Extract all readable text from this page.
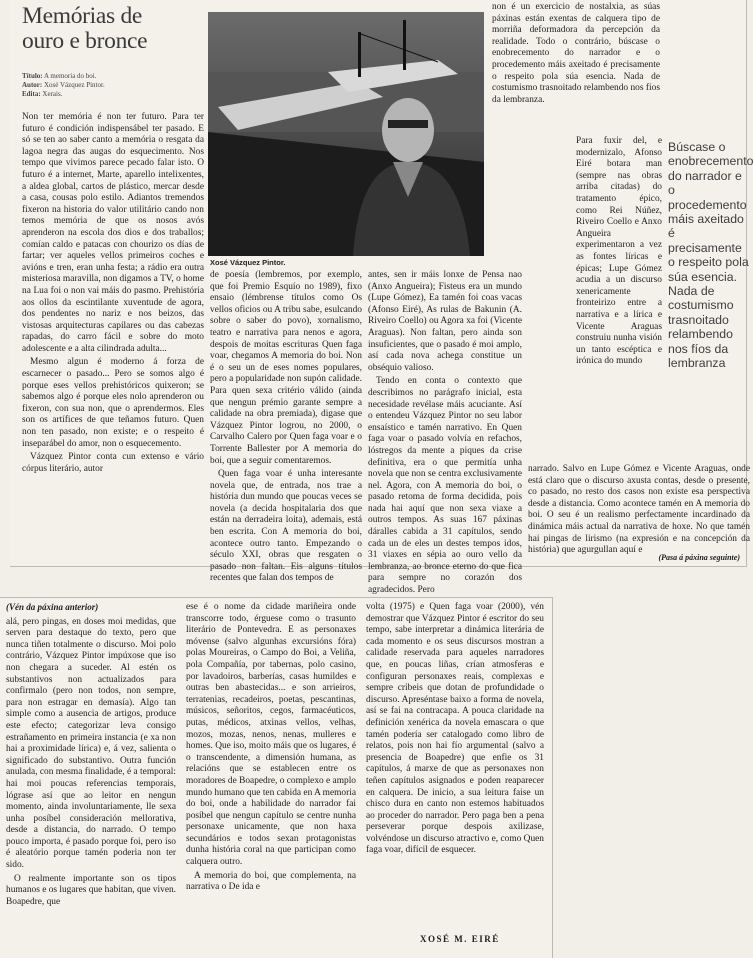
Memórias de
ouro e bronce
Título: A memoria do boi.
Autor: Xosé Vázquez Pintor.
Edita: Xerais.

Non ter memória é non ter futuro. Para ter futuro é condición indispensábel ter pasado. E só se ten ao saber canto a memória o resgata da lagoa negra das augas do esquecimento. Nos tempo que vivimos parece pecado falar isto. O futuro é a internet, Marte, aparello intelixentes, a aldea global, cartos de plástico, mercar desde a casa, cousas polo estilo. Adiantos tremendos fixeron na historia do valor utilitário cando non temos memória de que os nosos avós aprenderon na escola dos dios e dos traballos; comían caldo e patacas con chourizo os días de fartar; ver aqueles vellos primeiros coches e avións e tren, eran unha festa; a rádio era outra misteriosa maravilla, non digamos a TV, o home na Lua foi o non vai máis do pasmo. Prehistória aos ollos da escintilante xuventude de agora, dos pendentes no nariz e nos beizos, das vistosas arquitecturas capilares ou das cabezas rapadas, do carro fácil e sobre do moto adolescente e a alta cilindrada adulta...

Mesmo algun é moderno á forza de escarnecer o pasado... Pero se somos algo é porque eses vellos prehistóricos quixeron; se sabemos algo é porque eles nolo aprenderon ou fixeron, con sua non, que o aprendermos. Eles son os artífices de que teñamos futuro. Quen non ten pasado, non existe; e o respeito é inseparábel do amor, non o esquecemento.

Vázquez Pintor conta cun extenso e vário córpus literário, autor

Xosé Vázquez Pintor.

de poesía (lembremos, por exemplo, que foi Premio Esquío no 1989), fixo ensaio (lémbrense títulos como Os vellos oficios ou A tribu sabe, esulcando sobre o saber do povo), xornalismo, teatro e narrativa para nenos e agora, despois de moitas escrituras Quen faga voar, chegamos A memoria do boi. Non é o seu un de eses nomes populares, pero a popularidade non supón calidade. Para quen sexa critério válido (ainda que nengun prémio garante sempre a calidade na obra premiada), digase que Vázquez Pintor logrou, no 2000, o Carvalho Calero por Quen faga voar e o Torrente Ballester por A memoria do boi, que a seguir comentaremos.

Quen faga voar é unha interesante novela que, de entrada, nos trae a história dun mundo que poucas veces se novela (a decida hospitalaria dos que están na derradeira loita), ademais, está ben escrita. Con A memoria do boi, acontece outro tanto. Empezando o século XXI, obras que resgaten o pasado non faltan. Eis alguns títulos recentes que falan dos tempos de

antes, sen ir máis lonxe de Pensa nao (Anxo Angueira); Fisteus era un mundo (Lupe Gómez), Ea tamén foi coas vacas (Afonso Eiré), As rulas de Bakunin (A. Riveiro Coello) ou Agora xa foi (Vicente Araguas). Non faltan, pero ainda son insuficientes, que o pasado é moi amplo, así cada nova achega constitue un obséquio valioso.

Tendo en conta o contexto que describimos no parágrafo inicial, esta necesidade revélase máis acuciante. Así o entendeu Vázquez Pintor no seu labor ensaístico e tamén narrativo. En Quen faga voar o pasado volvía en refachos, lóstregos da mente a piques da crise definitiva, era o que permitía unha novela que non se centra exclusivamente nel. Agora, con A memoria do boi, o pasado retoma de forma decidida, pois nada hai aquí que non sexa viaxe a outros tempos. As suas 167 páxinas dáralles cabida a 31 capítulos, sendo cada un de eles un destes tempos idos, 31 viaxes en sépia ao ouro vello da lembranza, ao bronce eterno do que fica para sempre no corazón dos agradecidos. Pero

non é un exercicio de nostalxia, as súas páxinas están exentas de calquera tipo de morriña deformadora da percepción da realidade. Todo o contrário, búscase o enobrecemento do narrador e o procedemento máis axeitado é precisamente o respeito pola súa esencia. Nada de costumismo trasnoitado relambendo nos fíos da lembranza.

Para fuxir del, e modernizalo, Afonso Eiré botara man (sempre nas obras arriba citadas) do tratamento épico, como Rei Núñez, Riveiro Coello e Anxo Angueira experimentaron a vez as fontes líricas e épicas; Lupe Gómez acudia a un discurso xenericamente fronteirizo entre a narrativa e a lírica e Vicente Araguas construiu nunha visión un tanto escéptica e irónica do mundo

Búscase o enobrecemento do narrador e o procedemento máis axeitado é precisamente o respeito pola súa esencia. Nada de costumismo trasnoitado relambendo nos fíos da lembranza

narrado. Salvo en Lupe Gómez e Vicente Araguas, onde está claro que o discurso axusta contas, desde o presente, co pasado, no resto dos casos non existe esa perspectiva desde a distancia. Como acontece tamén en A memoria do boi. O seu é un realismo perfectamente incardinado da dinámica máis actual da narrativa de hoxe. No que tamén hai pingas de lirismo (na expresión e na concepción da história) que agurgullan aquí e

(Pasa á páxina seguinte)

(Vén da páxina anterior)

alá, pero pingas, en doses moi medidas, que serven para destaque do texto, pero que nunca tiñen totalmente o discurso. Moi polo contrário, Vázquez Pintor impúxose que iso non chegara a suceder. Al estén os substantivos non actualizados para confirmalo (pero non todos, non sempre, para non estragar en demasía). Algo tan simple como a ausencia de artigos, produce este efecto; categorizar leva consigo estrañamento en primeira instancia (e xa non hai a proximidade lírica) e, á vez, salienta o significado do substantivo. Outra función anulada, con mesma finalidade, é a temporal: hai moi poucas referencias temporais, lógrase así que ao leitor en nengun momento, ainda involuntariamente, lle sexa unha posíbel consideración mellorativa, desde a distancia, do narrado. O tempo pouco importa, é pasado porque foi, pero iso é aleatório porque tamén poderia non ter sido.

O realmente importante son os tipos humanos e os lugares que habitan, que viven. Boapedre, que

ese é o nome da cidade mariñeira onde transcorre todo, érguese como o trasunto literário de Pontevedra. E as personaxes móvense (salvo algunhas excursións fóra) polas Moureiras, o Campo do Boi, a Veliña, pola Compañía, por tabernas, polo casino, por lavadoiros, barberías, casas humildes e outras ben abastecidas... e son arrieiros, terratenias, recadeiros, poetas, pescantinas, músicos, señoritos, cegos, farmacéuticos, putas, médicos, atxinas vellos, velhas, mozos, mozas, nenos, nenas, mulleres e homes. Que iso, moito máis que os lugares, é o transcendente, a dimensión humana, as relacións que se establecen entre os moradores de Boapedre, o complexo e amplo mundo humano que ten cabida en A memoria do boi, onde a habilidade do narrador fai posíbel que nengun capítulo se centre nunha personaxe unicamente, que non haxa secundários e todos sexan protagonistas dunha história coral na que participan como calquera outro.

A memoria do boi, que complementa, na narrativa o De ida e

volta (1975) e Quen faga voar (2000), vén demostrar que Vázquez Pintor é escritor do seu tempo, sabe interpretar a dinámica literária de cada momento e os seus discursos mostran a calidade reservada para aqueles narradores que, en poucas liñas, crían atmosferas e configuran personaxes reais, complexas e sempre cribeis que dotan de profundidade o discurso. Apreséntase baixo a forma de novela, así se fai na contracapa. A pouca claridade na definición xenérica da novela emascara o que tamén podería ser catalogado como libro de relatos, pois non hai fío argumental (salvo a presencia de Boapedre) que enfie os 31 capítulos, á marxe de que as personaxes non teñen capítulos asignados e poden reaparecer en calquera. De inicio, a sua leitura faise un chisco dura en canto non estemos habituados ao proceder do narrador. Pero paga ben a pena perseverar porque despois axilizase, volvéndose un discurso atractivo e, como Quen faga voar, difícil de esquecer.

XOSÉ M. EIRÉ
